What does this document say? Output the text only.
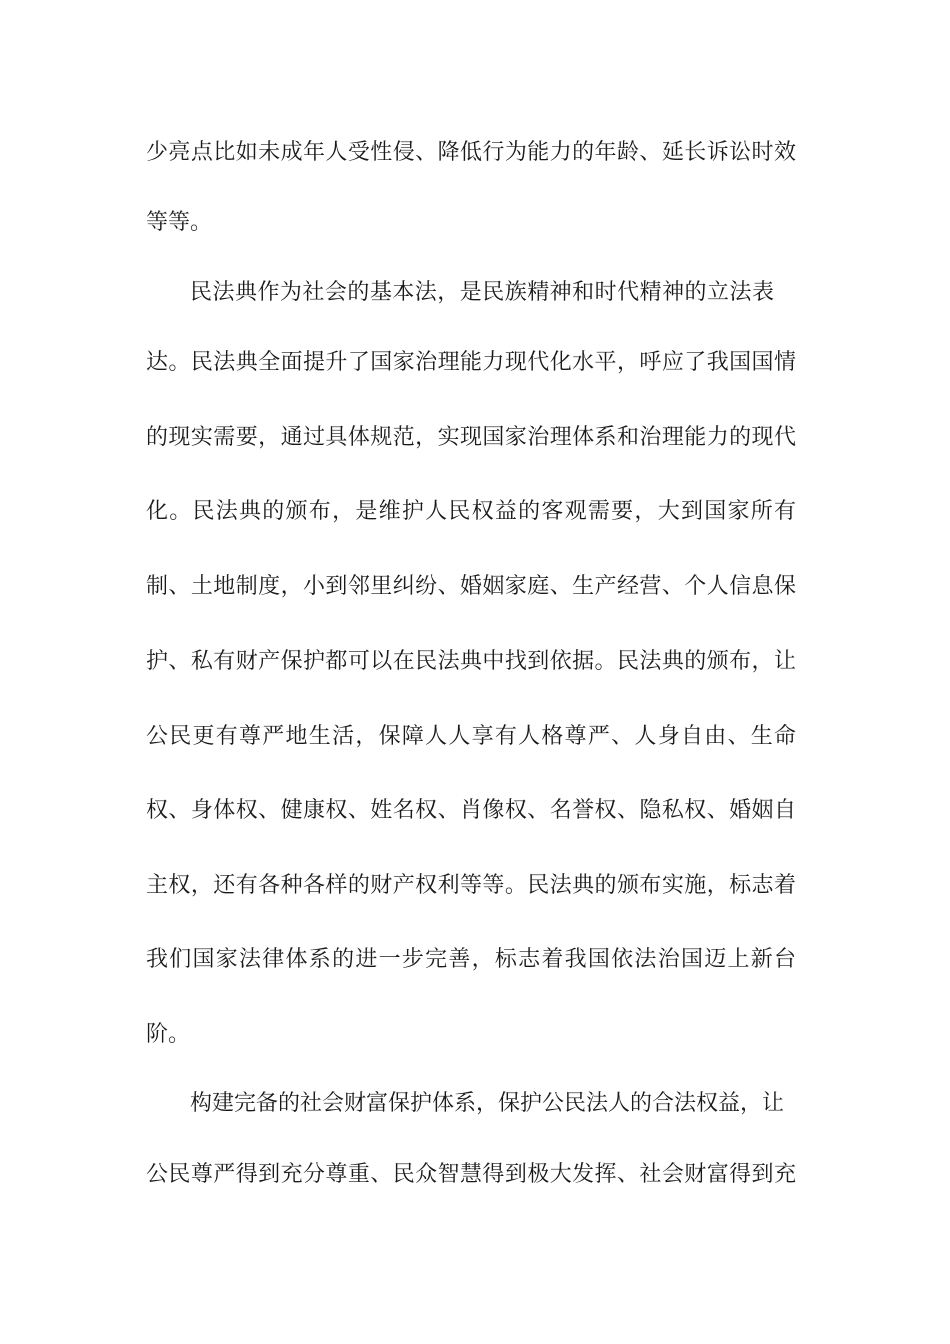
少亮点比如未成年人受性侵、降低行为能力的年龄、延长诉讼时效
等等。
民法典作为社会的基本法，是民族精神和时代精神的立法表
达。民法典全面提升了国家治理能力现代化水平，呼应了我国国情
的现实需要，通过具体规范，实现国家治理体系和治理能力的现代
化。民法典的颁布，是维护人民权益的客观需要，大到国家所有
制、土地制度，小到邻里纠纷、婚姻家庭、生产经营、个人信息保
护、私有财产保护都可以在民法典中找到依据。民法典的颁布，让
公民更有尊严地生活，保障人人享有人格尊严、人身自由、生命
权、身体权、健康权、姓名权、肖像权、名誉权、隐私权、婚姻自
主权，还有各种各样的财产权利等等。民法典的颁布实施，标志着
我们国家法律体系的进一步完善，标志着我国依法治国迈上新台
阶。
构建完备的社会财富保护体系，保护公民法人的合法权益，让
公民尊严得到充分尊重、民众智慧得到极大发挥、社会财富得到充
